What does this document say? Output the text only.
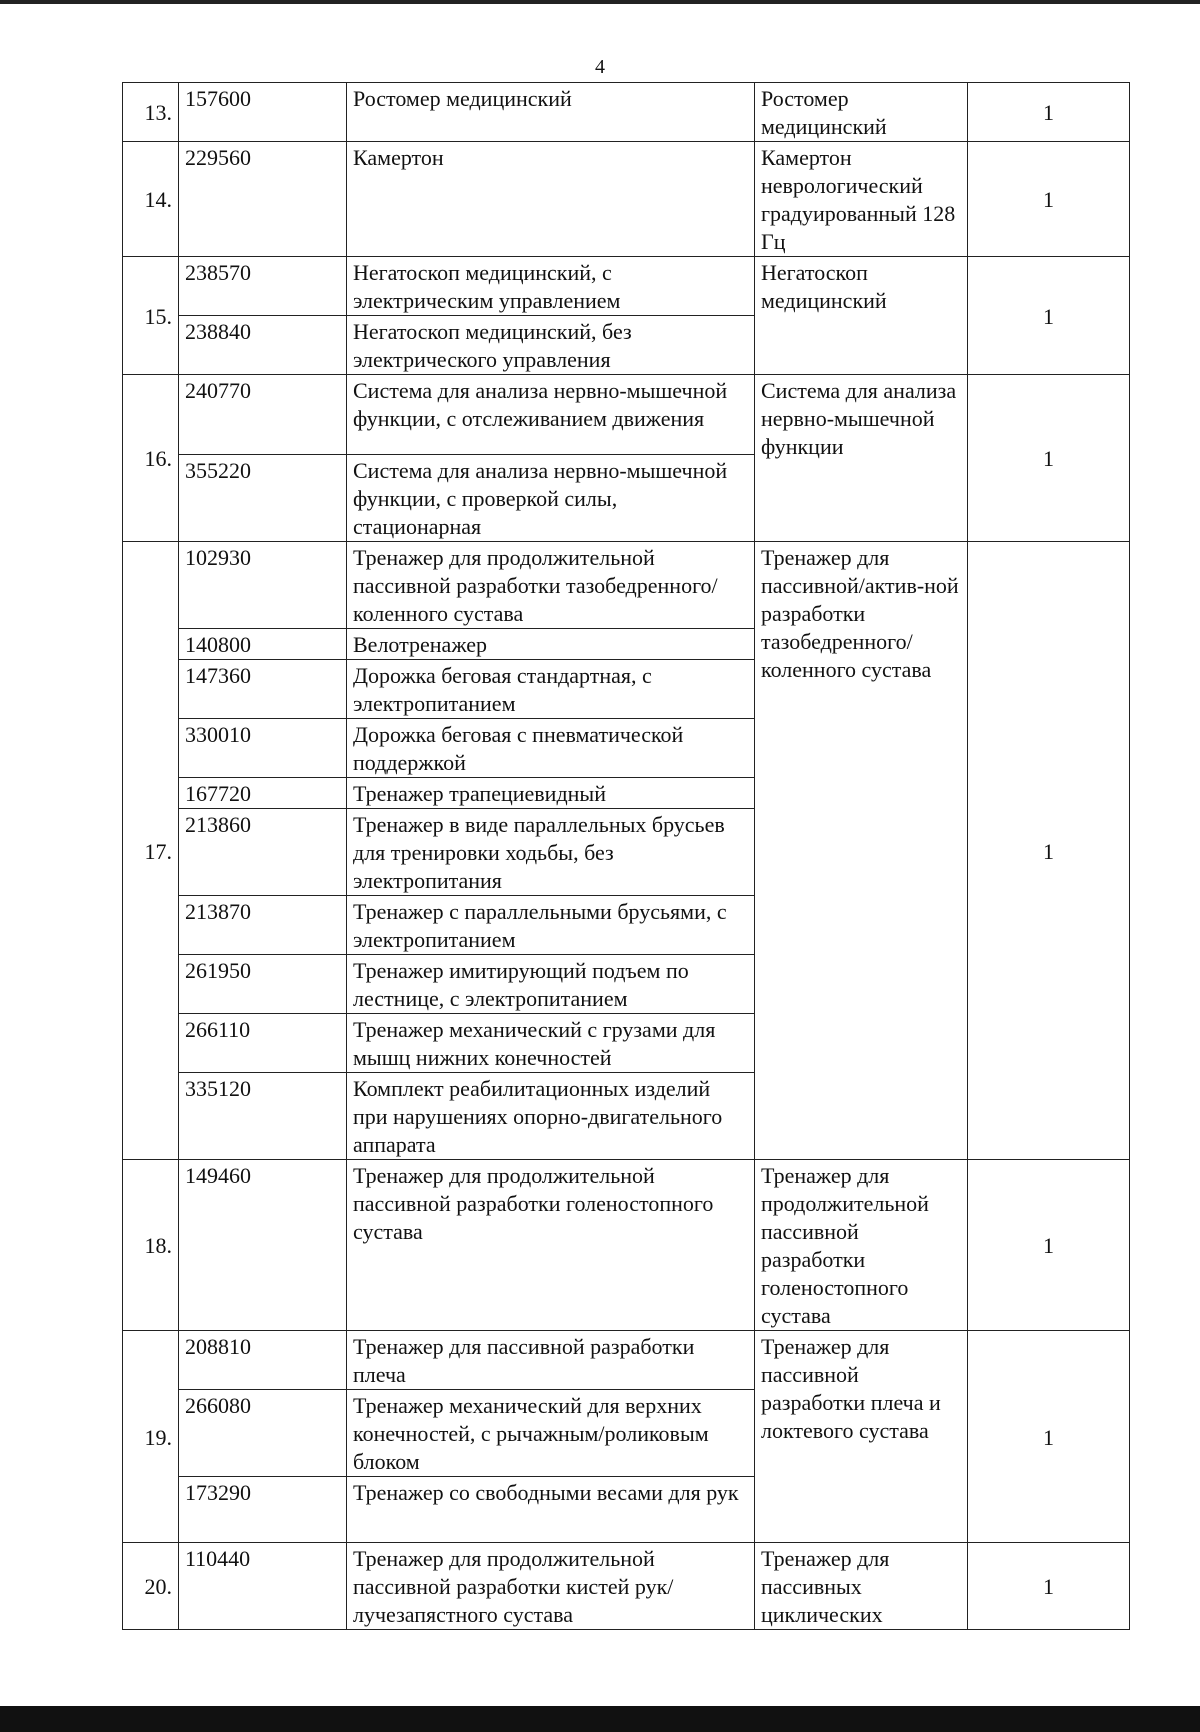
4
13.	157600	Ростомер медицинский	Ростомер медицинский	1
14.	229560	Камертон	Камертон неврологический градуированный 128 Гц	1
15.	238570	Негатоскоп медицинский, с электрическим управлением	Негатоскоп медицинский	1
	238840	Негатоскоп медицинский, без электрического управления		
16.	240770	Система для анализа нервно-мышечной функции, с отслеживанием движения	Система для анализа нервно-мышечной функции	1
	355220	Система для анализа нервно-мышечной функции, с проверкой силы, стационарная		
17.	102930	Тренажер для продолжительной пассивной разработки тазобедренного/коленного сустава	Тренажер для пассивной/актив-ной разработки тазобедренного/ коленного сустава	1
	140800	Велотренажер		
	147360	Дорожка беговая стандартная, с электропитанием		
	330010	Дорожка беговая с пневматической поддержкой		
	167720	Тренажер трапециевидный		
	213860	Тренажер в виде параллельных брусьев для тренировки ходьбы, без электропитания		
	213870	Тренажер с параллельными брусьями, с электропитанием		
	261950	Тренажер имитирующий подъем по лестнице, с электропитанием		
	266110	Тренажер механический с грузами для мышц нижних конечностей		
	335120	Комплект реабилитационных изделий при нарушениях опорно-двигательного аппарата		
18.	149460	Тренажер для продолжительной пассивной разработки голеностопного сустава	Тренажер для продолжительной пассивной разработки голеностопного сустава	1
19.	208810	Тренажер для пассивной разработки плеча	Тренажер для пассивной разработки плеча и локтевого сустава	1
	266080	Тренажер механический для верхних конечностей, с рычажным/роликовым блоком		
	173290	Тренажер со свободными весами для рук		
20.	110440	Тренажер для продолжительной пассивной разработки кистей рук/лучезапястного сустава	Тренажер для пассивных циклических	1
